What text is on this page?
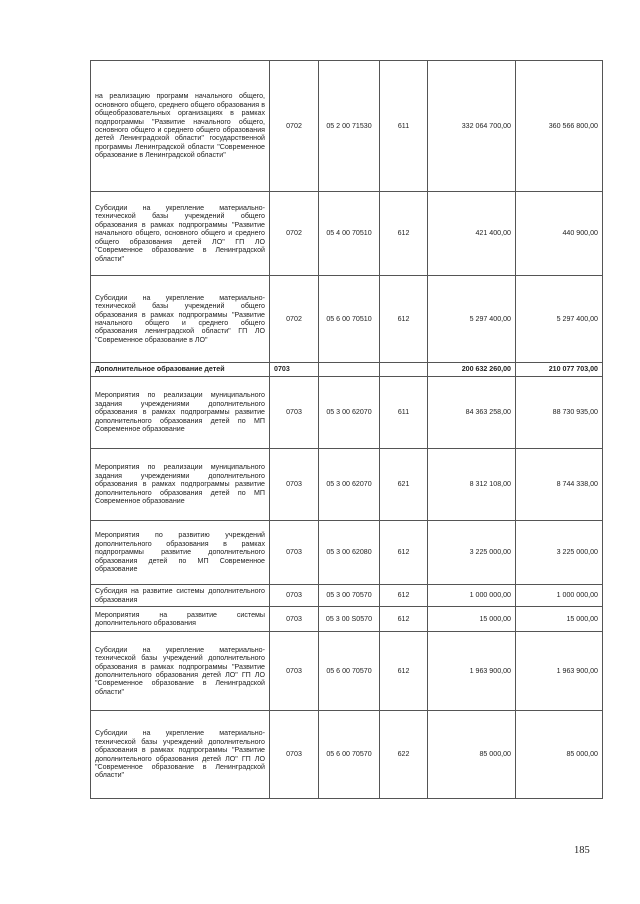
на реализацию программ начального общего, основного общего, среднего общего образования в общеобразовательных организациях в рамках подпрограммы "Развитие начального общего, основного общего и среднего общего образования детей Ленинградской области" государственной программы Ленинградской области "Современное образование в Ленинградской области"	0702	05 2 00 71530	611	332 064 700,00	360 566 800,00
Субсидии на укрепление материально-технической базы учреждений общего образования в рамках подпрограммы "Развитие начального общего, основного общего и среднего общего образования детей ЛО" ГП ЛО "Современное образование в Ленинградской области"	0702	05 4 00 70510	612	421 400,00	440 900,00
Субсидии на укрепление материально-технической базы учреждений общего образования в рамках подпрограммы "Развитие начального общего и среднего общего образования ленинградской области" ГП ЛО "Современное образование в ЛО"	0702	05 6 00 70510	612	5 297 400,00	5 297 400,00
Дополнительное образование детей	0703			200 632 260,00	210 077 703,00
Мероприятия по реализации муниципального задания учреждениями дополнительного образования в рамках подпрограммы развитие дополнительного образования детей по МП Современное образование	0703	05 3 00 62070	611	84 363 258,00	88 730 935,00
Мероприятия по реализации муниципального задания учреждениями дополнительного образования в рамках подпрограммы развитие дополнительного образования детей по МП Современное образование	0703	05 3 00 62070	621	8 312 108,00	8 744 338,00
Мероприятия по развитию учреждений дополнительного образования в рамках подпрограммы развитие дополнительного образования детей по МП Современное образование	0703	05 3 00 62080	612	3 225 000,00	3 225 000,00
Субсидия на развитие системы дополнительного образования	0703	05 3 00 70570	612	1 000 000,00	1 000 000,00
Мероприятия на развитие системы дополнительного образования	0703	05 3 00 S0570	612	15 000,00	15 000,00
Субсидии на укрепление материально-технической базы учреждений дополнительного образования в рамках подпрограммы "Развитие дополнительного образования детей ЛО" ГП ЛО "Современное образование в Ленинградской области"	0703	05 6 00 70570	612	1 963 900,00	1 963 900,00
Субсидии на укрепление материально-технической базы учреждений дополнительного образования в рамках подпрограммы "Развитие дополнительного образования детей ЛО" ГП ЛО "Современное образование в Ленинградской области"	0703	05 6 00 70570	622	85 000,00	85 000,00
185
